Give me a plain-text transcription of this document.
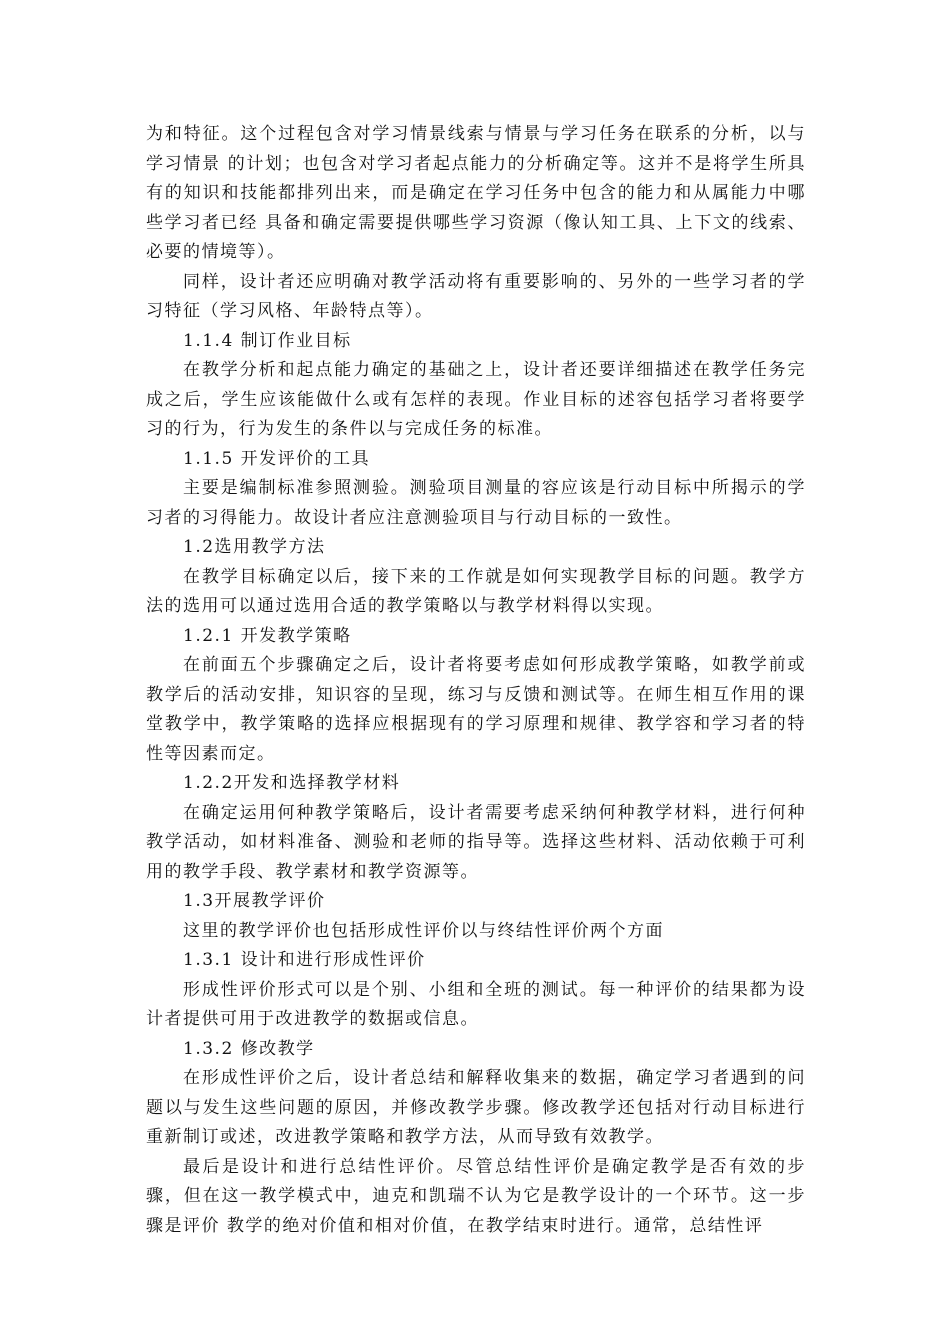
为和特征。这个过程包含对学习情景线索与情景与学习任务在联系的分析，以与学习情景 的计划；也包含对学习者起点能力的分析确定等。这并不是将学生所具有的知识和技能都排列出来，而是确定在学习任务中包含的能力和从属能力中哪些学习者已经 具备和确定需要提供哪些学习资源（像认知工具、上下文的线索、必要的情境等）。

同样，设计者还应明确对教学活动将有重要影响的、另外的一些学习者的学习特征（学习风格、年龄特点等）。

1.1.4 制订作业目标

在教学分析和起点能力确定的基础之上，设计者还要详细描述在教学任务完成之后，学生应该能做什么或有怎样的表现。作业目标的述容包括学习者将要学习的行为，行为发生的条件以与完成任务的标准。

1.1.5 开发评价的工具

主要是编制标准参照测验。测验项目测量的容应该是行动目标中所揭示的学习者的习得能力。故设计者应注意测验项目与行动目标的一致性。

1.2选用教学方法

在教学目标确定以后，接下来的工作就是如何实现教学目标的问题。教学方法的选用可以通过选用合适的教学策略以与教学材料得以实现。

1.2.1 开发教学策略

在前面五个步骤确定之后，设计者将要考虑如何形成教学策略，如教学前或教学后的活动安排，知识容的呈现，练习与反馈和测试等。在师生相互作用的课堂教学中，教学策略的选择应根据现有的学习原理和规律、教学容和学习者的特性等因素而定。

1.2.2开发和选择教学材料

在确定运用何种教学策略后，设计者需要考虑采纳何种教学材料，进行何种教学活动，如材料准备、测验和老师的指导等。选择这些材料、活动依赖于可利用的教学手段、教学素材和教学资源等。

1.3开展教学评价

这里的教学评价也包括形成性评价以与终结性评价两个方面

1.3.1 设计和进行形成性评价

形成性评价形式可以是个别、小组和全班的测试。每一种评价的结果都为设计者提供可用于改进教学的数据或信息。

1.3.2 修改教学

在形成性评价之后，设计者总结和解释收集来的数据，确定学习者遇到的问题以与发生这些问题的原因，并修改教学步骤。修改教学还包括对行动目标进行重新制订或述，改进教学策略和教学方法，从而导致有效教学。

最后是设计和进行总结性评价。尽管总结性评价是确定教学是否有效的步骤，但在这一教学模式中，迪克和凯瑞不认为它是教学设计的一个环节。这一步骤是评价 教学的绝对价值和相对价值，在教学结束时进行。通常，总结性评
